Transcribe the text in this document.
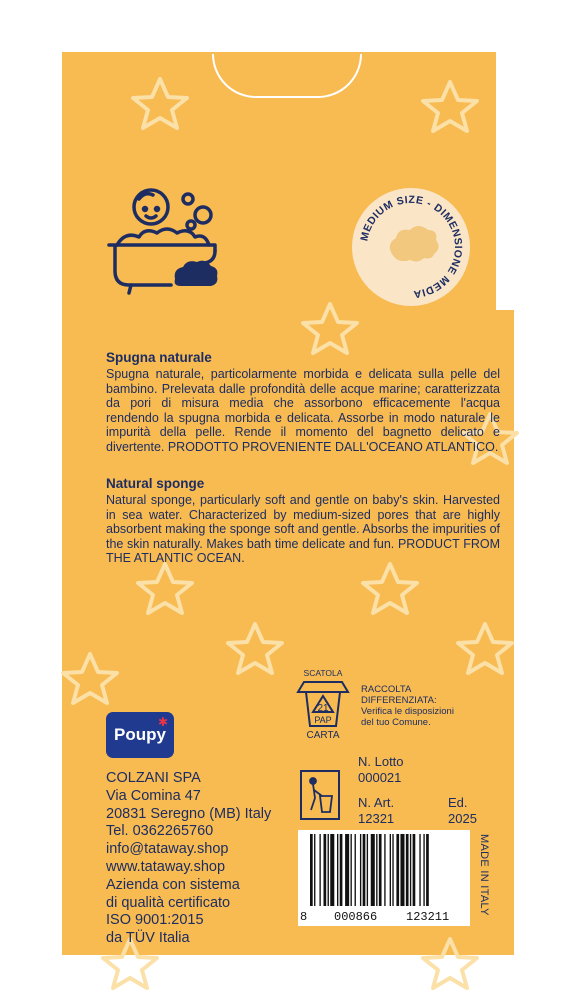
MEDIUM SIZE - DIMENSIONE MEDIA

Spugna naturale

Spugna naturale, particolarmente morbida e delicata sulla pelle del bambino. Prelevata dalle profondità delle acque marine; caratterizzata da pori di misura media che assorbono efficacemente l'acqua rendendo la spugna morbida e delicata. Assorbe in modo naturale le impurità della pelle. Rende il momento del bagnetto delicato e divertente. PRODOTTO PROVENIENTE DALL'OCEANO ATLANTICO.

Natural sponge

Natural sponge, particularly soft and gentle on baby's skin. Harvested in sea water. Characterized by medium-sized pores that are highly absorbent making the sponge soft and gentle. Absorbs the impurities of the skin naturally. Makes bath time delicate and fun. PRODUCT FROM THE ATLANTIC OCEAN.

✱
Poupy
COLZANI SPA
Via Comina 47
20831 Seregno (MB) Italy
Tel. 0362265760
info@tataway.shop
www.tataway.shop
Azienda con sistema
di qualità certificato
ISO 9001:2015
da TÜV Italia
SCATOLA
21
PAP
CARTA
RACCOLTA
DIFFERENZIATA:
Verifica le disposizioni
del tuo Comune.
N. Lotto
000021
N. Art.
12321
Ed.
2025
8 000866 123211
MADE IN ITALY
